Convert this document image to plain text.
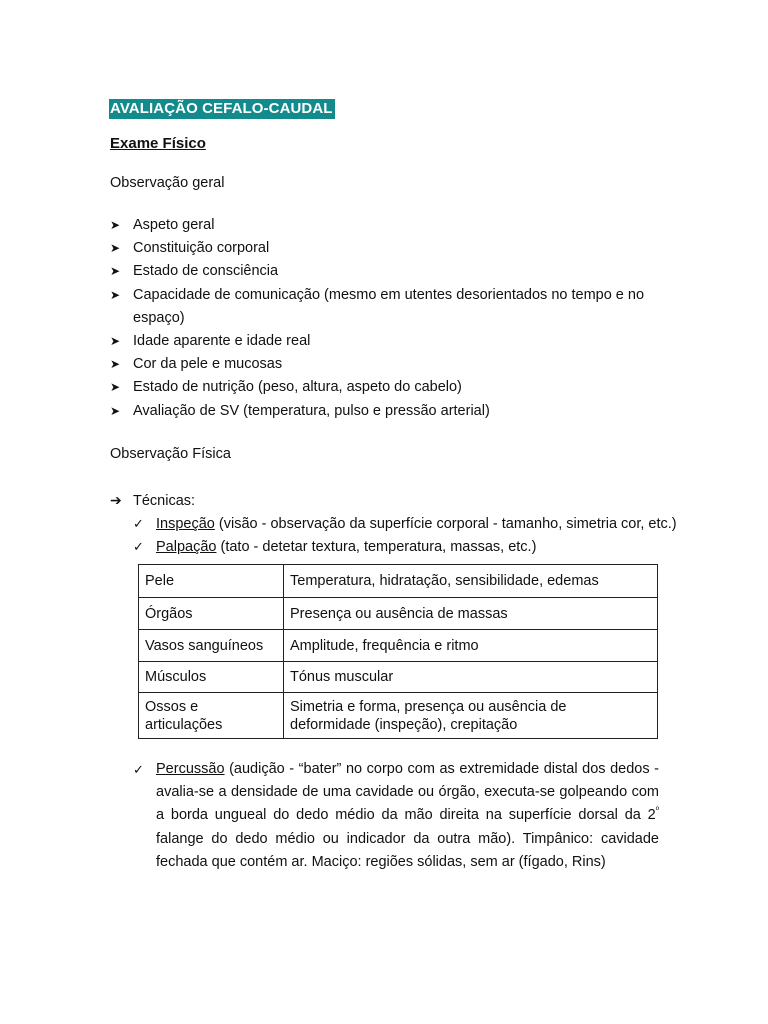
AVALIAÇÃO CEFALO-CAUDAL
Exame Físico
Observação geral
➤ Aspeto geral
➤ Constituição corporal
➤ Estado de consciência
➤ Capacidade de comunicação (mesmo em utentes desorientados no tempo e no espaço)
➤ Idade aparente e idade real
➤ Cor da pele e mucosas
➤ Estado de nutrição (peso, altura, aspeto do cabelo)
➤ Avaliação de SV (temperatura, pulso e pressão arterial)
Observação Física
➔ Técnicas:
✓ Inspeção (visão - observação da superfície corporal - tamanho, simetria cor, etc.)
✓ Palpação (tato - detetar textura, temperatura, massas, etc.)
Pele	Temperatura, hidratação, sensibilidade, edemas
Órgãos	Presença ou ausência de massas
Vasos sanguíneos	Amplitude, frequência e ritmo
Músculos	Tónus muscular
Ossos e articulações	Simetria e forma, presença ou ausência de deformidade (inspeção), crepitação
✓ Percussão (audição - “bater” no corpo com as extremidade distal dos dedos - avalia-se a densidade de uma cavidade ou órgão, executa-se golpeando com a borda ungueal do dedo médio da mão direita na superfície dorsal da $2^º$ falange do dedo médio ou indicador da outra mão). Timpânico: cavidade fechada que contém ar. Maciço: regiões sólidas, sem ar (fígado, Rins)
